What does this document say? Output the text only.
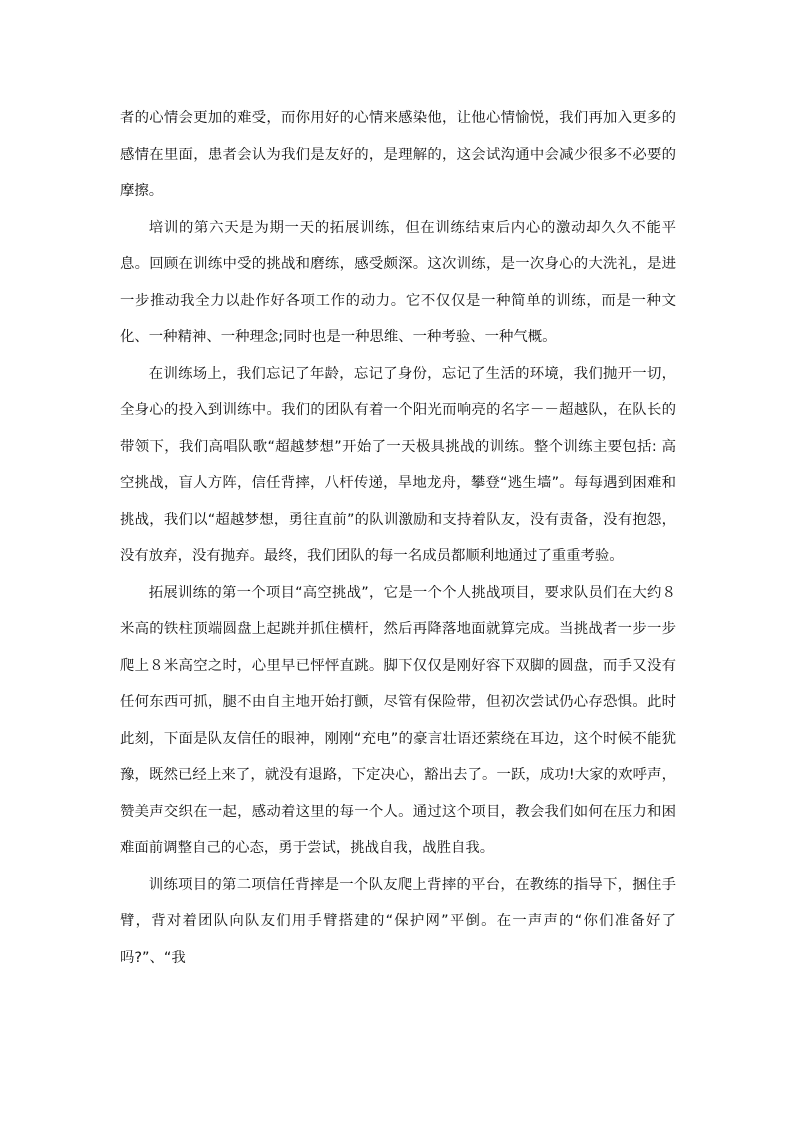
者的心情会更加的难受，而你用好的心情来感染他，让他心情愉悦，我们再加入更多的感情在里面，患者会认为我们是友好的，是理解的，这会试沟通中会减少很多不必要的摩擦。

培训的第六天是为期一天的拓展训练，但在训练结束后内心的激动却久久不能平息。回顾在训练中受的挑战和磨练，感受颇深。这次训练，是一次身心的大洗礼，是进一步推动我全力以赴作好各项工作的动力。它不仅仅是一种简单的训练，而是一种文化、一种精神、一种理念;同时也是一种思维、一种考验、一种气概。

在训练场上，我们忘记了年龄，忘记了身份，忘记了生活的环境，我们抛开一切，全身心的投入到训练中。我们的团队有着一个阳光而响亮的名字－－超越队，在队长的带领下，我们高唱队歌“超越梦想”开始了一天极具挑战的训练。整个训练主要包括: 高空挑战，盲人方阵，信任背摔，八杆传递，旱地龙舟，攀登“逃生墙”。每每遇到困难和挑战，我们以“超越梦想，勇往直前”的队训激励和支持着队友，没有责备，没有抱怨，没有放弃，没有抛弃。最终，我们团队的每一名成员都顺利地通过了重重考验。

拓展训练的第一个项目“高空挑战”，它是一个个人挑战项目，要求队员们在大约８米高的铁柱顶端圆盘上起跳并抓住横杆，然后再降落地面就算完成。当挑战者一步一步爬上８米高空之时，心里早已怦怦直跳。脚下仅仅是刚好容下双脚的圆盘，而手又没有任何东西可抓，腿不由自主地开始打颤，尽管有保险带，但初次尝试仍心存恐惧。此时此刻，下面是队友信任的眼神，刚刚“充电”的豪言壮语还萦绕在耳边，这个时候不能犹豫，既然已经上来了，就没有退路，下定决心，豁出去了。一跃，成功!大家的欢呼声，赞美声交织在一起，感动着这里的每一个人。通过这个项目，教会我们如何在压力和困难面前调整自己的心态，勇于尝试，挑战自我，战胜自我。

训练项目的第二项信任背摔是一个队友爬上背摔的平台，在教练的指导下，捆住手臂，背对着团队向队友们用手臂搭建的“保护网”平倒。在一声声的“你们准备好了吗?”、“我
